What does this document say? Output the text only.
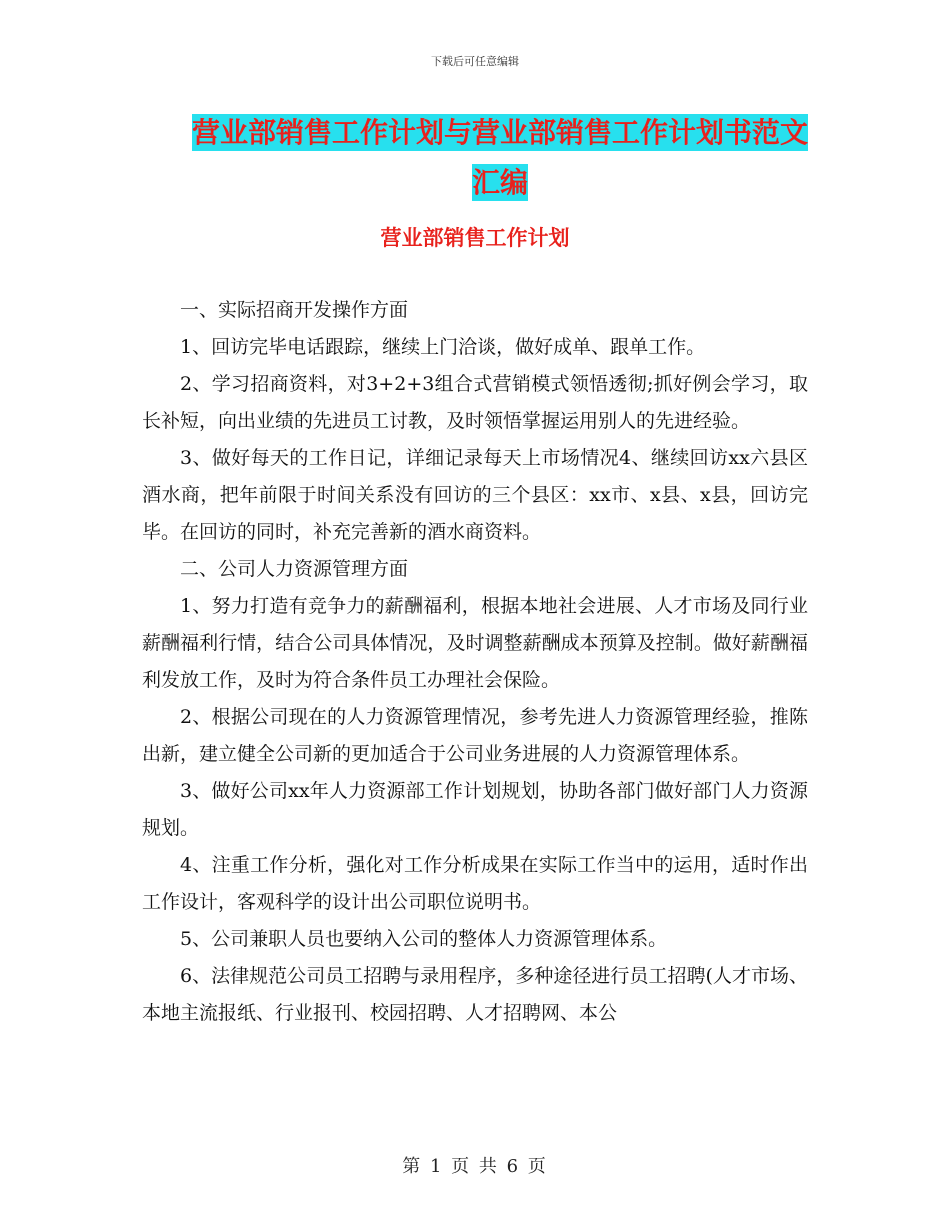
下载后可任意编辑
营业部销售工作计划与营业部销售工作计划书范文汇编
营业部销售工作计划

一、实际招商开发操作方面

1、回访完毕电话跟踪，继续上门洽谈，做好成单、跟单工作。

2、学习招商资料，对3+2+3组合式营销模式领悟透彻;抓好例会学习，取长补短，向出业绩的先进员工讨教，及时领悟掌握运用别人的先进经验。

3、做好每天的工作日记，详细记录每天上市场情况4、继续回访xx六县区酒水商，把年前限于时间关系没有回访的三个县区：xx市、x县、x县，回访完毕。在回访的同时，补充完善新的酒水商资料。

二、公司人力资源管理方面

1、努力打造有竞争力的薪酬福利，根据本地社会进展、人才市场及同行业薪酬福利行情，结合公司具体情况，及时调整薪酬成本预算及控制。做好薪酬福利发放工作，及时为符合条件员工办理社会保险。

2、根据公司现在的人力资源管理情况，参考先进人力资源管理经验，推陈出新，建立健全公司新的更加适合于公司业务进展的人力资源管理体系。

3、做好公司xx年人力资源部工作计划规划，协助各部门做好部门人力资源规划。

4、注重工作分析，强化对工作分析成果在实际工作当中的运用，适时作出工作设计，客观科学的设计出公司职位说明书。

5、公司兼职人员也要纳入公司的整体人力资源管理体系。

6、法律规范公司员工招聘与录用程序，多种途径进行员工招聘(人才市场、本地主流报纸、行业报刊、校园招聘、人才招聘网、本公

第 1 页 共 6 页
